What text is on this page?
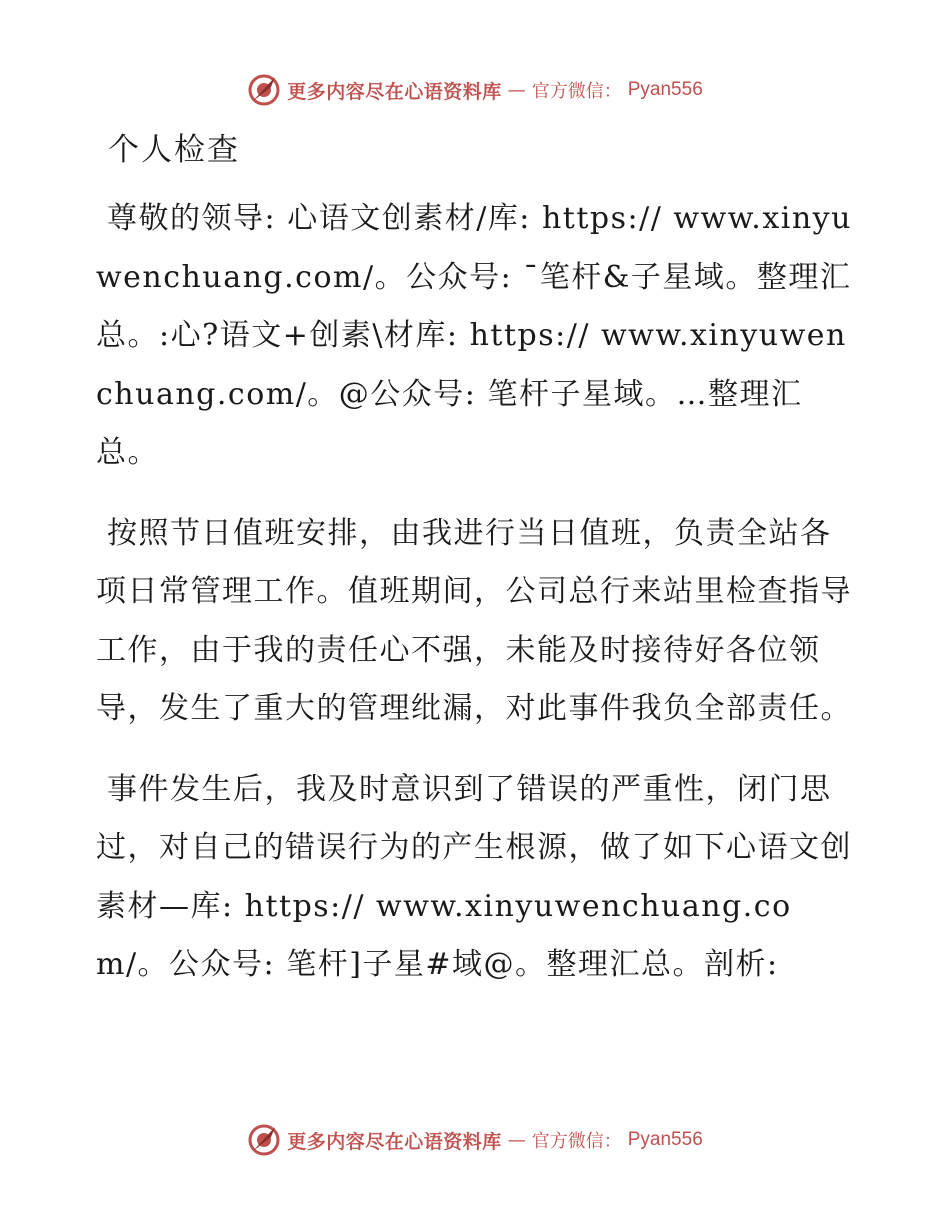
更多内容尽在心语资料库 — 官方微信： Pyan556
个人检查

尊敬的领导: 心语文创素材/库: https:// www.xinyuwenchuang.com/。公众号: ¯笔杆&子星域。整理汇总。:心?语文+创素\材库: https:// www.xinyuwenchuang.com/。@公众号: 笔杆子星域。…整理汇总。

按照节日值班安排，由我进行当日值班，负责全站各项日常管理工作。值班期间，公司总行来站里检查指导工作，由于我的责任心不强，未能及时接待好各位领导，发生了重大的管理纰漏，对此事件我负全部责任。

事件发生后，我及时意识到了错误的严重性，闭门思过，对自己的错误行为的产生根源，做了如下心语文创素材—库: https:// www.xinyuwenchuang.com/。公众号: 笔杆]子星#域@。整理汇总。剖析:

更多内容尽在心语资料库 — 官方微信： Pyan556
